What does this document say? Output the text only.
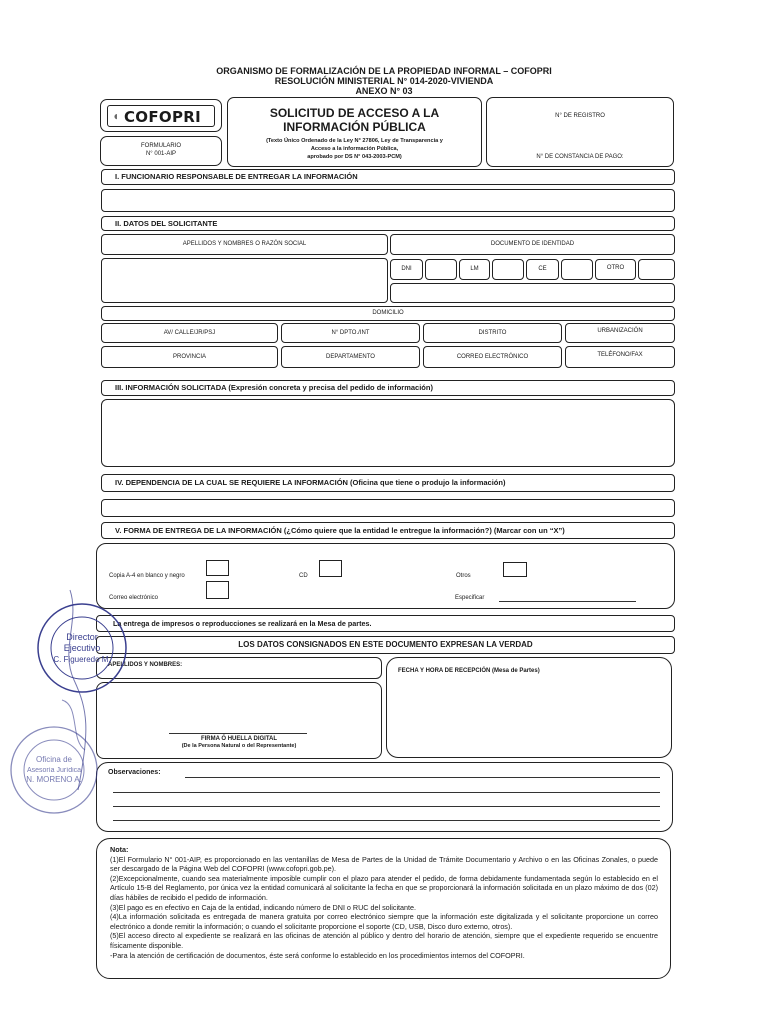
ORGANISMO DE FORMALIZACIÓN DE LA PROPIEDAD INFORMAL – COFOPRI
RESOLUCIÓN MINISTERIAL N° 014-2020-VIVIENDA
ANEXO N° 03
◖ COFOPRI
FORMULARIO
N° 001-AIP
SOLICITUD DE ACCESO A LA
INFORMACIÓN PÚBLICA
(Texto Único Ordenado de la Ley N° 27806, Ley de Transparencia y
Acceso a la información Pública,
aprobado por DS N° 043-2003-PCM)
N° DE REGISTRO
N° DE CONSTANCIA DE PAGO:
I. FUNCIONARIO RESPONSABLE DE ENTREGAR LA INFORMACIÓN
II. DATOS DEL SOLICITANTE
APELLIDOS Y NOMBRES O RAZÓN SOCIAL	DOCUMENTO DE IDENTIDAD
DNI	LM	CE	OTRO
DOMICILIO
AV/ CALLE/JR/PSJ	N° DPTO./INT	DISTRITO	URBANIZACIÓN
PROVINCIA	DEPARTAMENTO	CORREO ELECTRÓNICO	TELÉFONO/FAX
III. INFORMACIÓN SOLICITADA (Expresión concreta y precisa del pedido de información)
IV. DEPENDENCIA DE LA CUAL SE REQUIERE LA INFORMACIÓN (Oficina que tiene o produjo la información)
V. FORMA DE ENTREGA DE LA INFORMACIÓN (¿Cómo quiere que la entidad le entregue la información?) (Marcar con un “X”)
Copia A-4 en blanco y negro	CD	Otros
Correo electrónico	Especificar
La entrega de impresos o reproducciones se realizará en la Mesa de partes.
LOS DATOS CONSIGNADOS EN ESTE DOCUMENTO EXPRESAN LA VERDAD
APELLIDOS Y NOMBRES:
FIRMA Ó HUELLA DIGITAL
(De la Persona Natural o del Representante)
FECHA Y HORA DE RECEPCIÓN (Mesa de Partes)
Observaciones:

Nota:

(1)El Formulario N° 001-AIP, es proporcionado en las ventanillas de Mesa de Partes de la Unidad de Trámite Documentario y Archivo o en las Oficinas Zonales, o puede ser descargado de la Página Web del COFOPRI (www.cofopri.gob.pe).

(2)Excepcionalmente, cuando sea materialmente imposible cumplir con el plazo para atender el pedido, de forma debidamente fundamentada según lo establecido en el Artículo 15-B del Reglamento, por única vez la entidad comunicará al solicitante la fecha en que se proporcionará la información solicitada en un plazo máximo de dos (02) días hábiles de recibido el pedido de información.

(3)El pago es en efectivo en Caja de la entidad, indicando número de DNI o RUC del solicitante.

(4)La información solicitada es entregada de manera gratuita por correo electrónico siempre que la información este digitalizada y el solicitante proporcione un correo electrónico a donde remitir la información; o cuando el solicitante proporcione el soporte (CD, USB, Disco duro externo, otros).

(5)El acceso directo al expediente se realizará en las oficinas de atención al público y dentro del horario de atención, siempre que el expediente requerido se encuentre físicamente disponible.

-Para la atención de certificación de documentos, éste será conforme lo establecido en los procedimientos internos del COFOPRI.

Director
Ejecutivo
C. Figueredo M.
Oficina de
Asesoría Jurídica
N. MORENO A.
